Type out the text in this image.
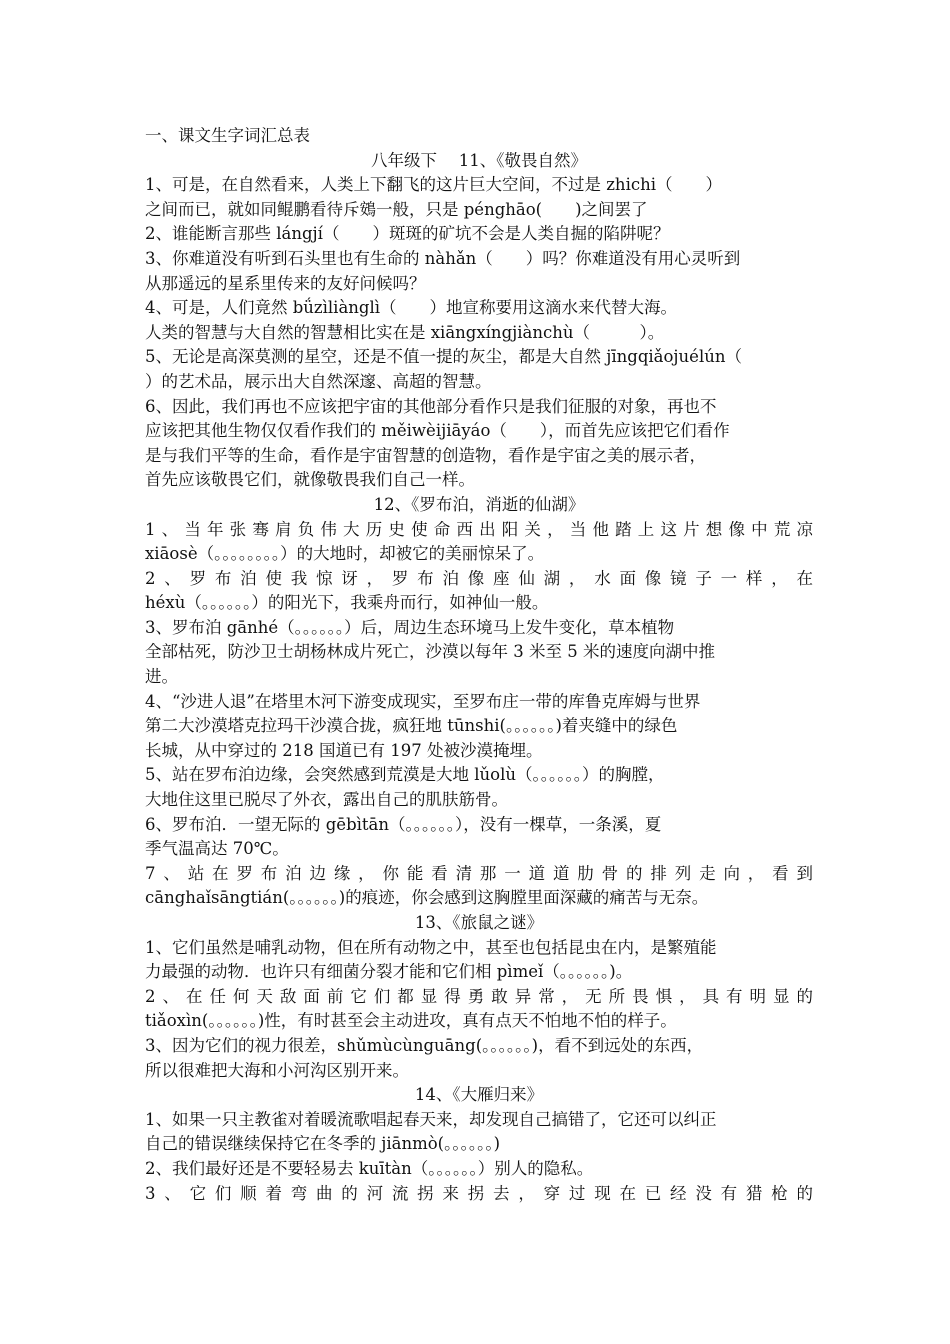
一、课文生字词汇总表
八年级下　 11、《敬畏自然》
1、可是，在自然看来，人类上下翻飞的这片巨大空间，不过是 zhichi（　　）
之间而已，就如同鲲鹏看待斥鴳一般，只是 pénghāo(　　)之间罢了
2、谁能断言那些 lángjí（　　）斑斑的矿坑不会是人类自掘的陷阱呢？
3、你难道没有听到石头里也有生命的 nàhǎn（　　）吗？你难道没有用心灵听到
从那遥远的星系里传来的友好问候吗？
4、可是，人们竟然 bǘzìliànglì（　　）地宣称要用这滴水来代替大海。
人类的智慧与大自然的智慧相比实在是 xiāngxíngjiànchù（　　　）。
5、无论是高深莫测的星空，还是不值一提的灰尘，都是大自然 jīngqiǎojuélún（
）的艺术品，展示出大自然深邃、高超的智慧。
6、因此，我们再也不应该把宇宙的其他部分看作只是我们征服的对象，再也不
应该把其他生物仅仅看作我们的 měiwèijiāyáo（　　），而首先应该把它们看作
是与我们平等的生命，看作是宇宙智慧的创造物，看作是宇宙之美的展示者，
首先应该敬畏它们，就像敬畏我们自己一样。
12、《罗布泊，消逝的仙湖》
1、当年张骞肩负伟大历史使命西出阳关，当他踏上这片想像中荒凉
xiāosè（。。。。。。。。）的大地时，却被它的美丽惊呆了。
2、罗布泊使我惊讶，罗布泊像座仙湖，水面像镜子一样，在
héxù（。。。。。。）的阳光下，我乘舟而行，如神仙一般。
3、罗布泊 gānhé（。。。。。。）后，周边生态环境马上发牛变化，草本植物
全部枯死，防沙卫士胡杨林成片死亡，沙漠以每年 3 米至 5 米的速度向湖中推
进。
4、“沙进人退”在塔里木河下游变成现实，至罗布庄一带的库鲁克库姆与世界
第二大沙漠塔克拉玛干沙漠合拢，疯狂地 tūnshi(。。。。。。)着夹缝中的绿色
长城，从中穿过的 218 国道已有 197 处被沙漠掩埋。
5、站在罗布泊边缘，会突然感到荒漠是大地 lǔolù（。。。。。。）的胸膛，
大地住这里已脱尽了外衣，露出自己的肌肤筋骨。
6、罗布泊．一望无际的 gēbìtān（。。。。。。），没有一棵草，一条溪，夏
季气温高达 70℃。
7、站在罗布泊边缘，你能看清那一道道肋骨的排列走向，看到
cānghaǐsāngtián(。。。。。。)的痕迹，你会感到这胸膛里面深藏的痛苦与无奈。
13、《旅鼠之谜》
1、它们虽然是哺乳动物，但在所有动物之中，甚至也包括昆虫在内，是繁殖能
力最强的动物．也许只有细菌分裂才能和它们相 pìmeǐ（。。。。。。)。
2、在任何天敌面前它们都显得勇敢异常，无所畏惧，具有明显的
tiǎoxìn(。。。。。。)性，有时甚至会主动进攻，真有点天不怕地不怕的样子。
3、因为它们的视力很差，shǔmùcùnguāng(。。。。。。)，看不到远处的东西，
所以很难把大海和小河沟区别开来。
14、《大雁归来》
1、如果一只主教雀对着暖流歌唱起春天来，却发现自己搞错了，它还可以纠正
自己的错误继续保持它在冬季的 jiānmò(。。。。。。)
2、我们最好还是不要轻易去 kuītàn（。。。。。。）别人的隐私。
3、它们顺着弯曲的河流拐来拐去，穿过现在已经没有猎枪的
